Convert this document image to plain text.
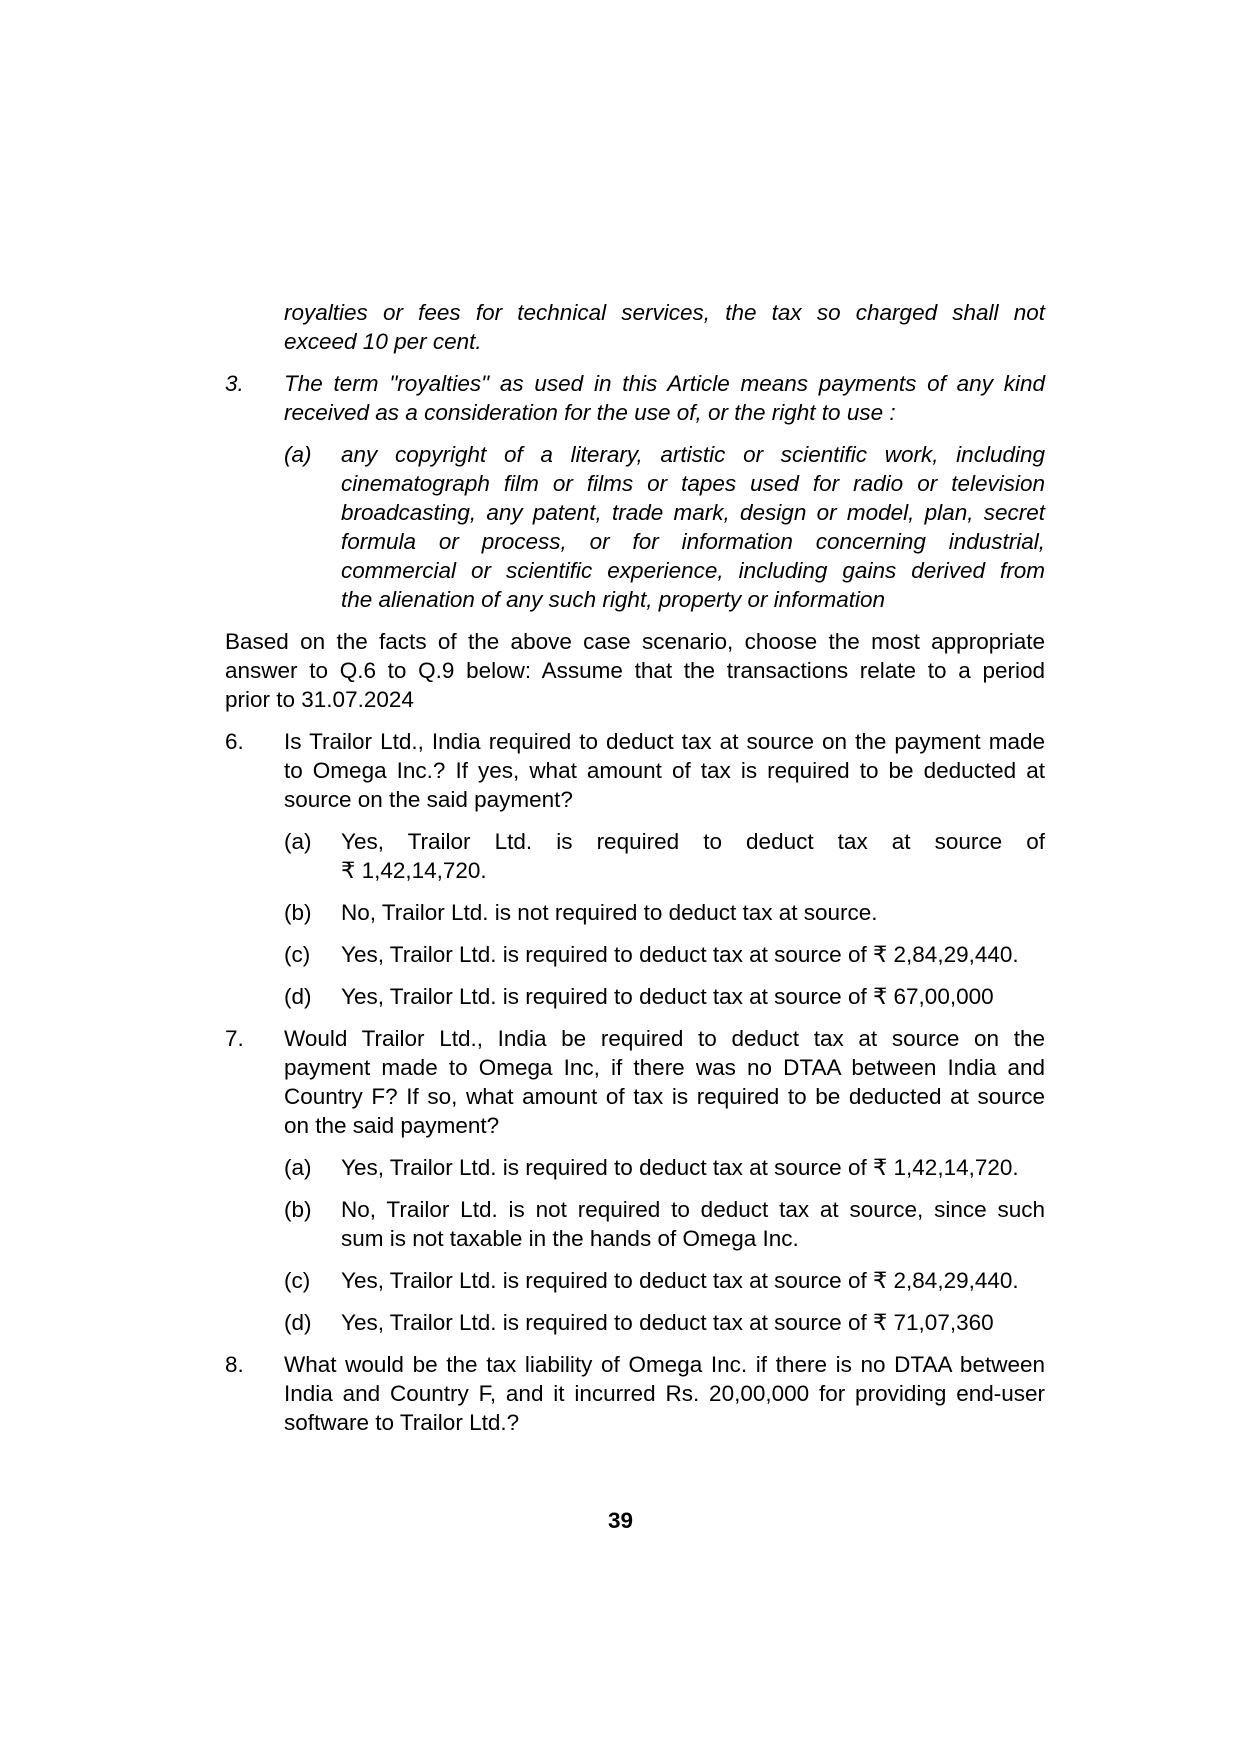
royalties or fees for technical services, the tax so charged shall not
exceed 10 per cent.
3.	The term "royalties" as used in this Article means payments of any kind
received as a consideration for the use of, or the right to use :
(a)	any copyright of a literary, artistic or scientific work, including
cinematograph film or films or tapes used for radio or television
broadcasting, any patent, trade mark, design or model, plan, secret
formula or process, or for information concerning industrial,
commercial or scientific experience, including gains derived from
the alienation of any such right, property or information
Based on the facts of the above case scenario, choose the most appropriate
answer to Q.6 to Q.9 below: Assume that the transactions relate to a period
prior to 31.07.2024
6.	Is Trailor Ltd., India required to deduct tax at source on the payment made
to Omega Inc.? If yes, what amount of tax is required to be deducted at
source on the said payment?
(a)	Yes, Trailor Ltd. is required to deduct tax at source of
₹ 1,42,14,720.
(b)	No, Trailor Ltd. is not required to deduct tax at source.
(c)	Yes, Trailor Ltd. is required to deduct tax at source of ₹ 2,84,29,440.
(d)	Yes, Trailor Ltd. is required to deduct tax at source of ₹ 67,00,000
7.	Would Trailor Ltd., India be required to deduct tax at source on the
payment made to Omega Inc, if there was no DTAA between India and
Country F? If so, what amount of tax is required to be deducted at source
on the said payment?
(a)	Yes, Trailor Ltd. is required to deduct tax at source of ₹ 1,42,14,720.
(b)	No, Trailor Ltd. is not required to deduct tax at source, since such
sum is not taxable in the hands of Omega Inc.
(c)	Yes, Trailor Ltd. is required to deduct tax at source of ₹ 2,84,29,440.
(d)	Yes, Trailor Ltd. is required to deduct tax at source of ₹ 71,07,360
8.	What would be the tax liability of Omega Inc. if there is no DTAA between
India and Country F, and it incurred Rs. 20,00,000 for providing end-user
software to Trailor Ltd.?
39
